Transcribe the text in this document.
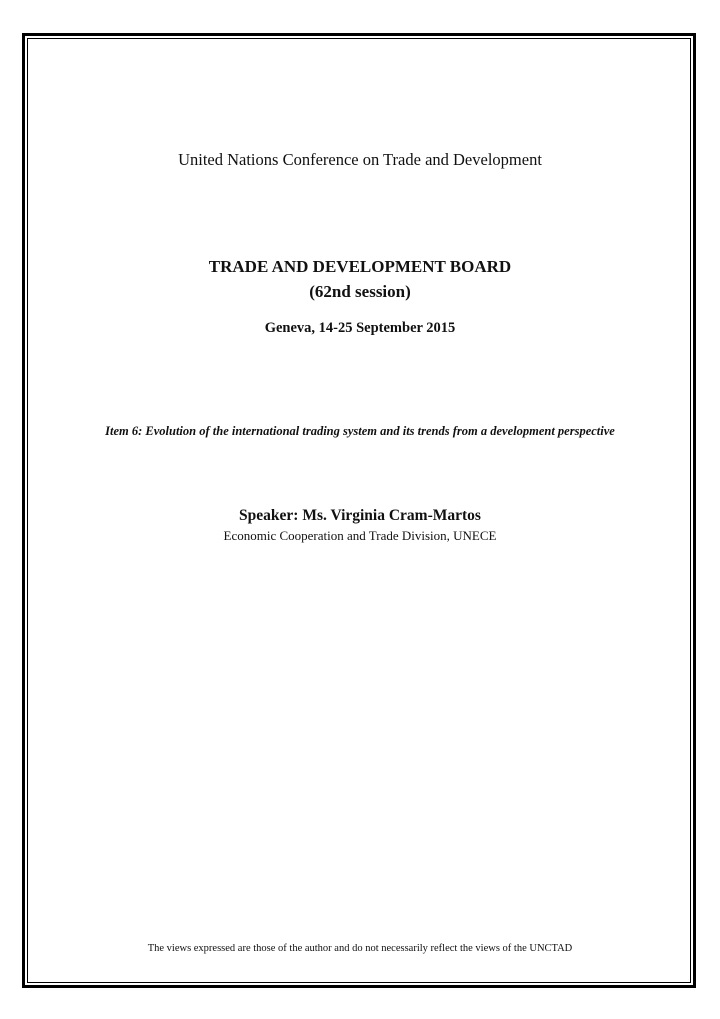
United Nations Conference on Trade and Development
TRADE AND DEVELOPMENT BOARD
(62nd session)
Geneva, 14-25 September 2015
Item 6: Evolution of the international trading system and its trends from a development perspective
Speaker: Ms. Virginia Cram-Martos
Economic Cooperation and Trade Division, UNECE
The views expressed are those of the author and do not necessarily reflect the views of the UNCTAD
